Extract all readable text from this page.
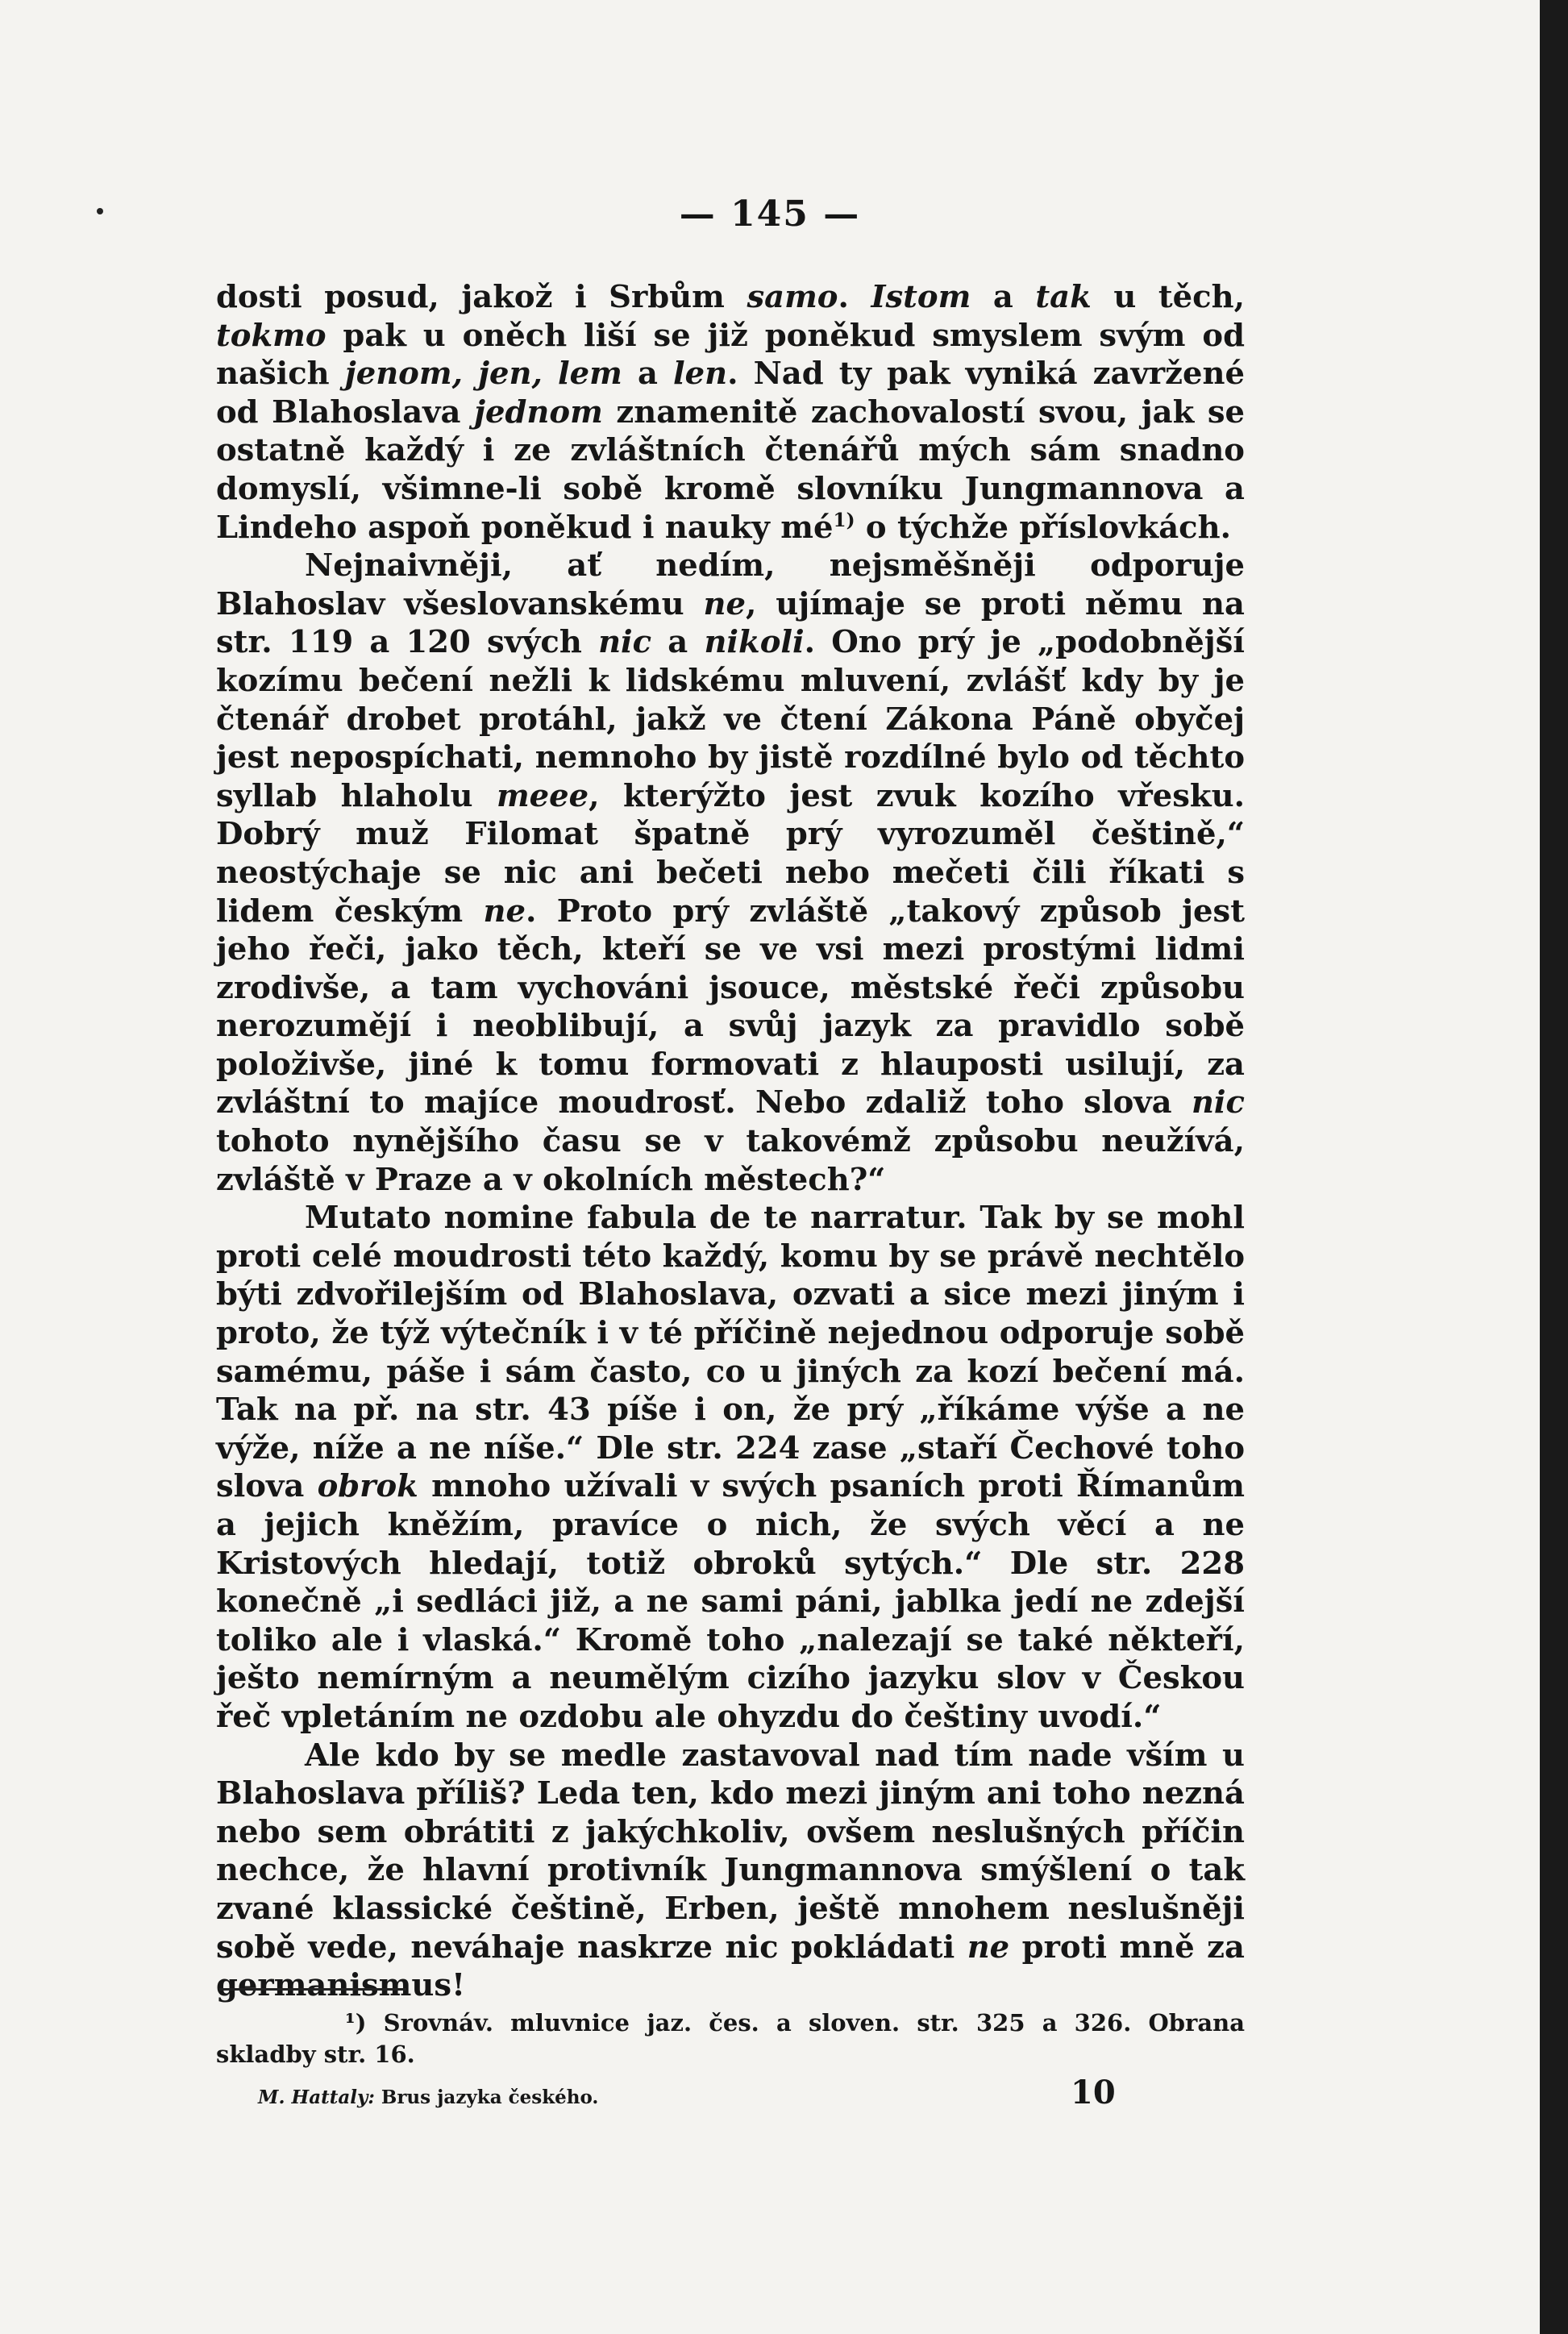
— 145 —

dosti posud, jakož i Srbům samo. Istom a tak u těch, tokmo pak u oněch liší se již poněkud smyslem svým od našich jenom, jen, lem a len. Nad ty pak vyniká zavržené od Blahoslava jednom znamenitě zachovalostí svou, jak se ostatně každý i ze zvláštních čtenářů mých sám snadno domyslí, všimne-li sobě kromě slovníku Jungmannova a Lindeho aspoň poněkud i nauky $mé^{1)}$ o týchže příslovkách.

Nejnaivněji, ať nedím, nejsměšněji odporuje Blahoslav všeslovanskému ne, ujímaje se proti němu na str. 119 a 120 svých nic a nikoli. Ono prý je „podobnější kozímu bečení nežli k lidskému mluvení, zvlášť kdy by je čtenář drobet protáhl, jakž ve čtení Zákona Páně obyčej jest nepospíchati, nemnoho by jistě rozdílné bylo od těchto syllab hlaholu meee, kterýžto jest zvuk kozího vřesku. Dobrý muž Filomat špatně prý vyrozuměl češtině,“ neostýchaje se nic ani bečeti nebo mečeti čili říkati s lidem českým ne. Proto prý zvláště „takový způsob jest jeho řeči, jako těch, kteří se ve vsi mezi prostými lidmi zrodivše, a tam vychováni jsouce, městské řeči způsobu nerozumějí i neoblibují, a svůj jazyk za pravidlo sobě položivše, jiné k tomu formovati z hlauposti usilují, za zvláštní to majíce moudrosť. Nebo zdaliž toho slova nic tohoto nynějšího času se v takovémž způsobu neužívá, zvláště v Praze a v okolních městech?“

Mutato nomine fabula de te narratur. Tak by se mohl proti celé moudrosti této každý, komu by se právě nechtělo býti zdvořilejším od Blahoslava, ozvati a sice mezi jiným i proto, že týž výtečník i v té příčině nejednou odporuje sobě samému, páše i sám často, co u jiných za kozí bečení má. Tak na př. na str. 43 píše i on, že prý „říkáme výše a ne výže, níže a ne níše.“ Dle str. 224 zase „staří Čechové toho slova obrok mnoho užívali v svých psaních proti Římanům a jejich kněžím, pravíce o nich, že svých věcí a ne Kristových hledají, totiž obroků sytých.“ Dle str. 228 konečně „i sedláci již, a ne sami páni, jablka jedí ne zdejší toliko ale i vlaská.“ Kromě toho „nalezají se také někteří, ješto nemírným a neumělým cizího jazyku slov v Českou řeč vpletáním ne ozdobu ale ohyzdu do češtiny uvodí.“

Ale kdo by se medle zastavoval nad tím nade vším u Blahoslava příliš? Leda ten, kdo mezi jiným ani toho nezná nebo sem obrátiti z jakýchkoliv, ovšem neslušných příčin nechce, že hlavní protivník Jungmannova smýšlení o tak zvané klassické češtině, Erben, ještě mnohem neslušněji sobě vede, neváhaje naskrze nic pokládati ne proti mně za germanismus!

¹) Srovnáv. mluvnice jaz. čes. a sloven. str. 325 a 326. Obrana skladby str. 16.
M. Hattaly: Brus jazyka českého.	10
